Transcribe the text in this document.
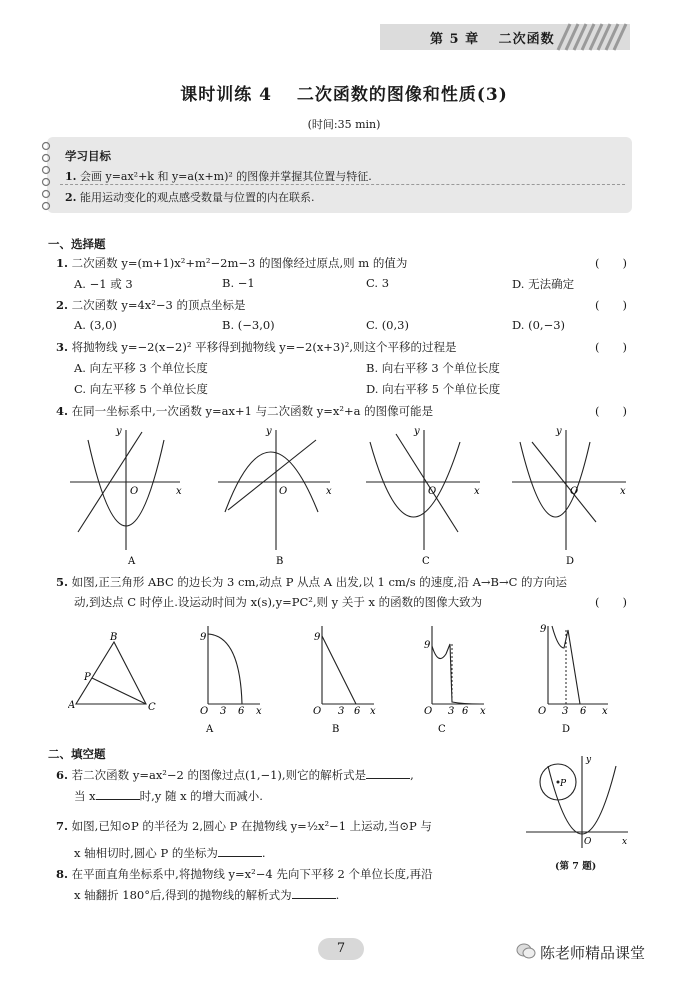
第 5 章　 二次函数
课时训练 4　 二次函数的图像和性质(3)
(时间:35 min)
学习目标
1. 会画 y=ax²+k 和 y=a(x+m)² 的图像并掌握其位置与特征.
2. 能用运动变化的观点感受数量与位置的内在联系.
一、选择题
1. 二次函数 y=(m+1)x²+m²−2m−3 的图像经过原点,则 m 的值为	(　　)
A. −1 或 3	B. −1	C. 3	D. 无法确定
2. 二次函数 y=4x²−3 的顶点坐标是	(　　)
A. (3,0)	B. (−3,0)	C. (0,3)	D. (0,−3)
3. 将抛物线 y=−2(x−2)² 平移得到抛物线 y=−2(x+3)²,则这个平移的过程是	(　　)
A. 向左平移 3 个单位长度	B. 向右平移 3 个单位长度
C. 向左平移 5 个单位长度	D. 向右平移 5 个单位长度
4. 在同一坐标系中,一次函数 y=ax+1 与二次函数 y=x²+a 的图像可能是	(　　)
O	x
y
A
O	x
y
B
O	x
y
C
O	x
y
D
5. 如图,正三角形 ABC 的边长为 3 cm,动点 P 从点 A 出发,以 1 cm/s 的速度,沿 A→B→C 的方向运
动,到达点 C 时停止.设运动时间为 x(s),y=PC²,则 y 关于 x 的函数的图像大致为	(　　)
B
A	C
P
9
O 3 6 x
A
9
O 3 6 x
B
9
O 3 6 x
C
9
O 3 6 x
D
二、填空题
6. 若二次函数 y=ax²−2 的图像过点(1,−1),则它的解析式是	,
当 x	时,y 随 x 的增大而减小.
7. 如图,已知⊙P 的半径为 2,圆心 P 在抛物线 y=½x²−1 上运动,当⊙P 与
x 轴相切时,圆心 P 的坐标为	.
P
y
x
O
(第 7 题)
8. 在平面直角坐标系中,将抛物线 y=x²−4 先向下平移 2 个单位长度,再沿
x 轴翻折 180°后,得到的抛物线的解析式为	.
7	陈老师精品课堂
